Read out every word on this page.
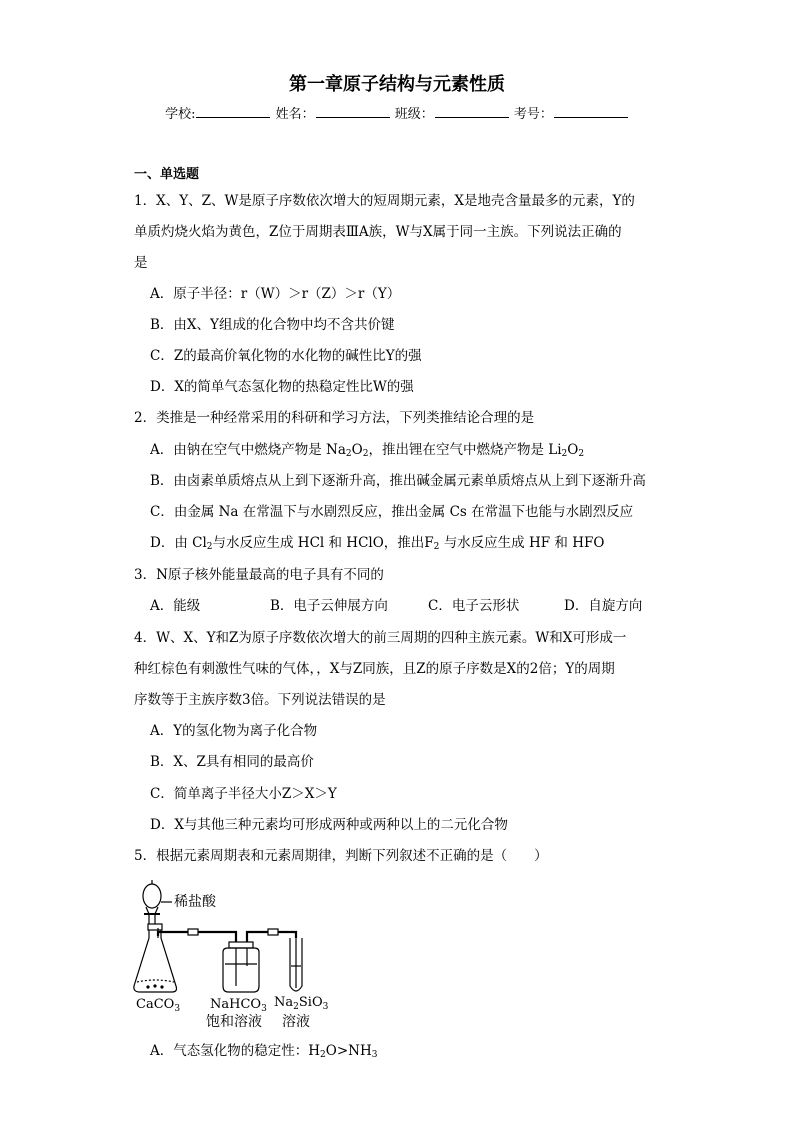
第一章原子结构与元素性质
学校:	姓名：	班级：	考号：
一、单选题
1．X、Y、Z、W是原子序数依次增大的短周期元素，X是地壳含量最多的元素，Y的
单质灼烧火焰为黄色，Z位于周期表ⅢA族，W与X属于同一主族。下列说法正确的
是
A．原子半径：r（W）＞r（Z）＞r（Y）
B．由X、Y组成的化合物中均不含共价键
C．Z的最高价氧化物的水化物的碱性比Y的强
D．X的简单气态氢化物的热稳定性比W的强
2．类推是一种经常采用的科研和学习方法，下列类推结论合理的是
A．由钠在空气中燃烧产物是 $Na_2O_2$，推出锂在空气中燃烧产物是 $Li_2O_2$
B．由卤素单质熔点从上到下逐渐升高，推出碱金属元素单质熔点从上到下逐渐升高
C．由金属 Na 在常温下与水剧烈反应，推出金属 Cs 在常温下也能与水剧烈反应
D．由 $Cl_2$与水反应生成 HCl 和 HClO，推出$F_2$ 与水反应生成 HF 和 HFO
3．N原子核外能量最高的电子具有不同的
A．能级	B．电子云伸展方向	C．电子云形状	D．自旋方向
4．W、X、Y和Z为原子序数依次增大的前三周期的四种主族元素。W和X可形成一
种红棕色有刺激性气味的气体，，X与Z同族，且Z的原子序数是X的2倍；Y的周期
序数等于主族序数3倍。下列说法错误的是
A．Y的氢化物为离子化合物
B．X、Z具有相同的最高价
C．简单离子半径大小Z＞X＞Y
D．X与其他三种元素均可形成两种或两种以上的二元化合物
5．根据元素周期表和元素周期律，判断下列叙述不正确的是（　　）
稀盐酸
CaCO$_3$ NaHCO$_3$
饱和溶液
$Na_2SiO_3$
溶液
A．气态氢化物的稳定性：$H_2O>NH_3$
